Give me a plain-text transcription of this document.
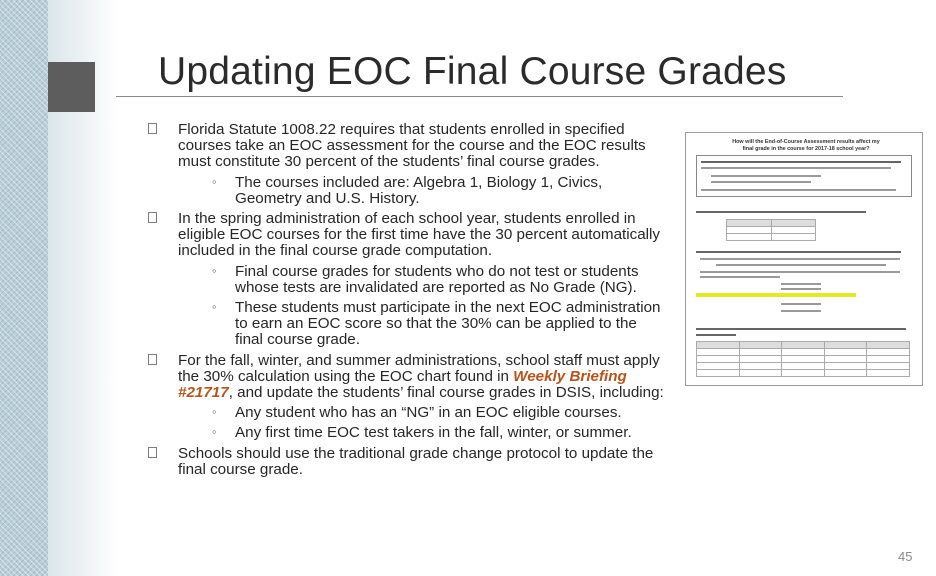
Updating EOC Final Course Grades
Florida Statute 1008.22 requires that students enrolled in specified courses take an EOC assessment for the course and the EOC results must constitute 30 percent of the students’ final course grades.
◦ The courses included are: Algebra 1, Biology 1, Civics, Geometry and U.S. History.
In the spring administration of each school year, students enrolled in eligible EOC courses for the first time have the 30 percent automatically included in the final course grade computation.
◦ Final course grades for students who do not test or students whose tests are invalidated are reported as No Grade (NG).
◦ These students must participate in the next EOC administration to earn an EOC score so that the 30% can be applied to the final course grade.
For the fall, winter, and summer administrations, school staff must apply the 30% calculation using the EOC chart found in Weekly Briefing #21717, and update the students’ final course grades in DSIS, including:
◦ Any student who has an “NG” in an EOC eligible courses.
◦ Any first time EOC test takers in the fall, winter, or summer.
Schools should use the traditional grade change protocol to update the final course grade.
How will the End-of-Course Assessment results affect my final grade in the course for 2017-18 school year?

45
